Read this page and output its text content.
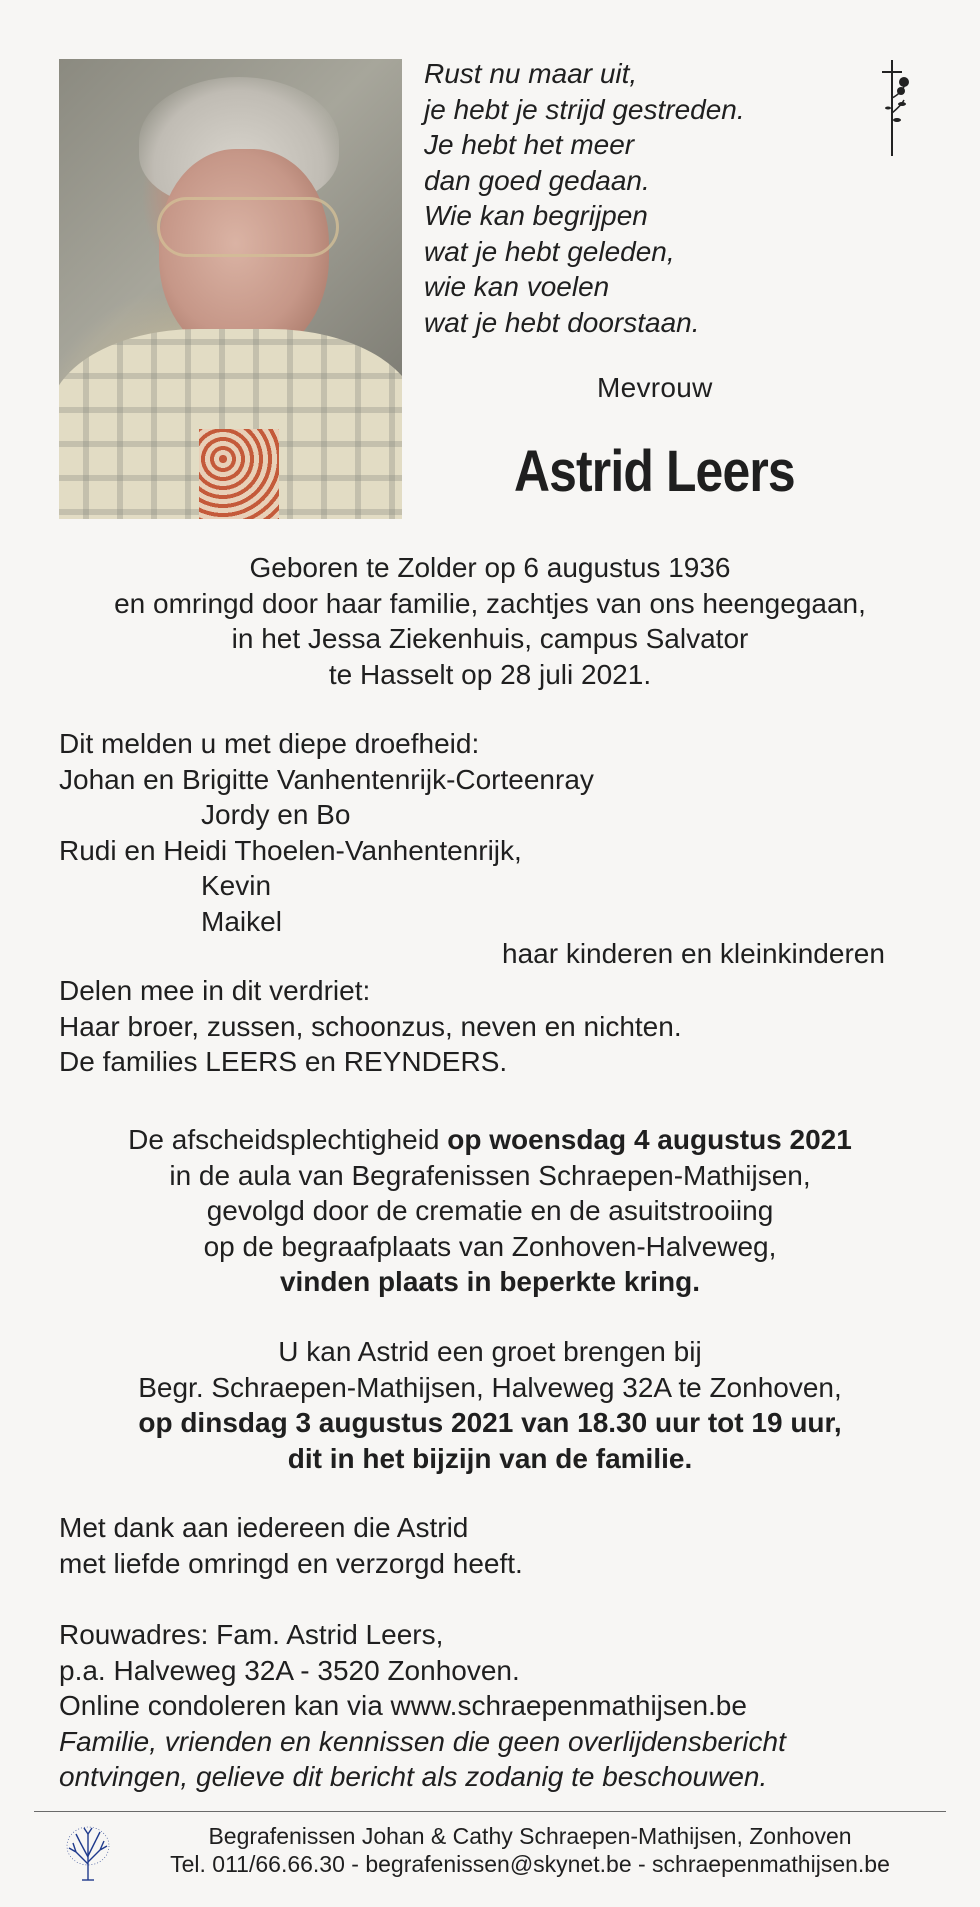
Rust nu maar uit,
je hebt je strijd gestreden.
Je hebt het meer
dan goed gedaan.
Wie kan begrijpen
wat je hebt geleden,
wie kan voelen
wat je hebt doorstaan.
Mevrouw
Astrid Leers
Geboren te Zolder op 6 augustus 1936
en omringd door haar familie, zachtjes van ons heengegaan,
in het Jessa Ziekenhuis, campus Salvator
te Hasselt op 28 juli 2021.
Dit melden u met diepe droefheid:
Johan en Brigitte Vanhentenrijk-Corteenray
Jordy en Bo
Rudi en Heidi Thoelen-Vanhentenrijk,
Kevin
Maikel
haar kinderen en kleinkinderen
Delen mee in dit verdriet:
Haar broer, zussen, schoonzus, neven en nichten.
De families LEERS en REYNDERS.
De afscheidsplechtigheid op woensdag 4 augustus 2021
in de aula van Begrafenissen Schraepen-Mathijsen,
gevolgd door de crematie en de asuitstrooiing
op de begraafplaats van Zonhoven-Halveweg,
vinden plaats in beperkte kring.
U kan Astrid een groet brengen bij
Begr. Schraepen-Mathijsen, Halveweg 32A te Zonhoven,
op dinsdag 3 augustus 2021 van 18.30 uur tot 19 uur,
dit in het bijzijn van de familie.
Met dank aan iedereen die Astrid
met liefde omringd en verzorgd heeft.
Rouwadres: Fam. Astrid Leers,
p.a. Halveweg 32A - 3520 Zonhoven.
Online condoleren kan via www.schraepenmathijsen.be
Familie, vrienden en kennissen die geen overlijdensbericht
ontvingen, gelieve dit bericht als zodanig te beschouwen.
Begrafenissen Johan & Cathy Schraepen-Mathijsen, Zonhoven
Tel. 011/66.66.30 - begrafenissen@skynet.be - schraepenmathijsen.be
